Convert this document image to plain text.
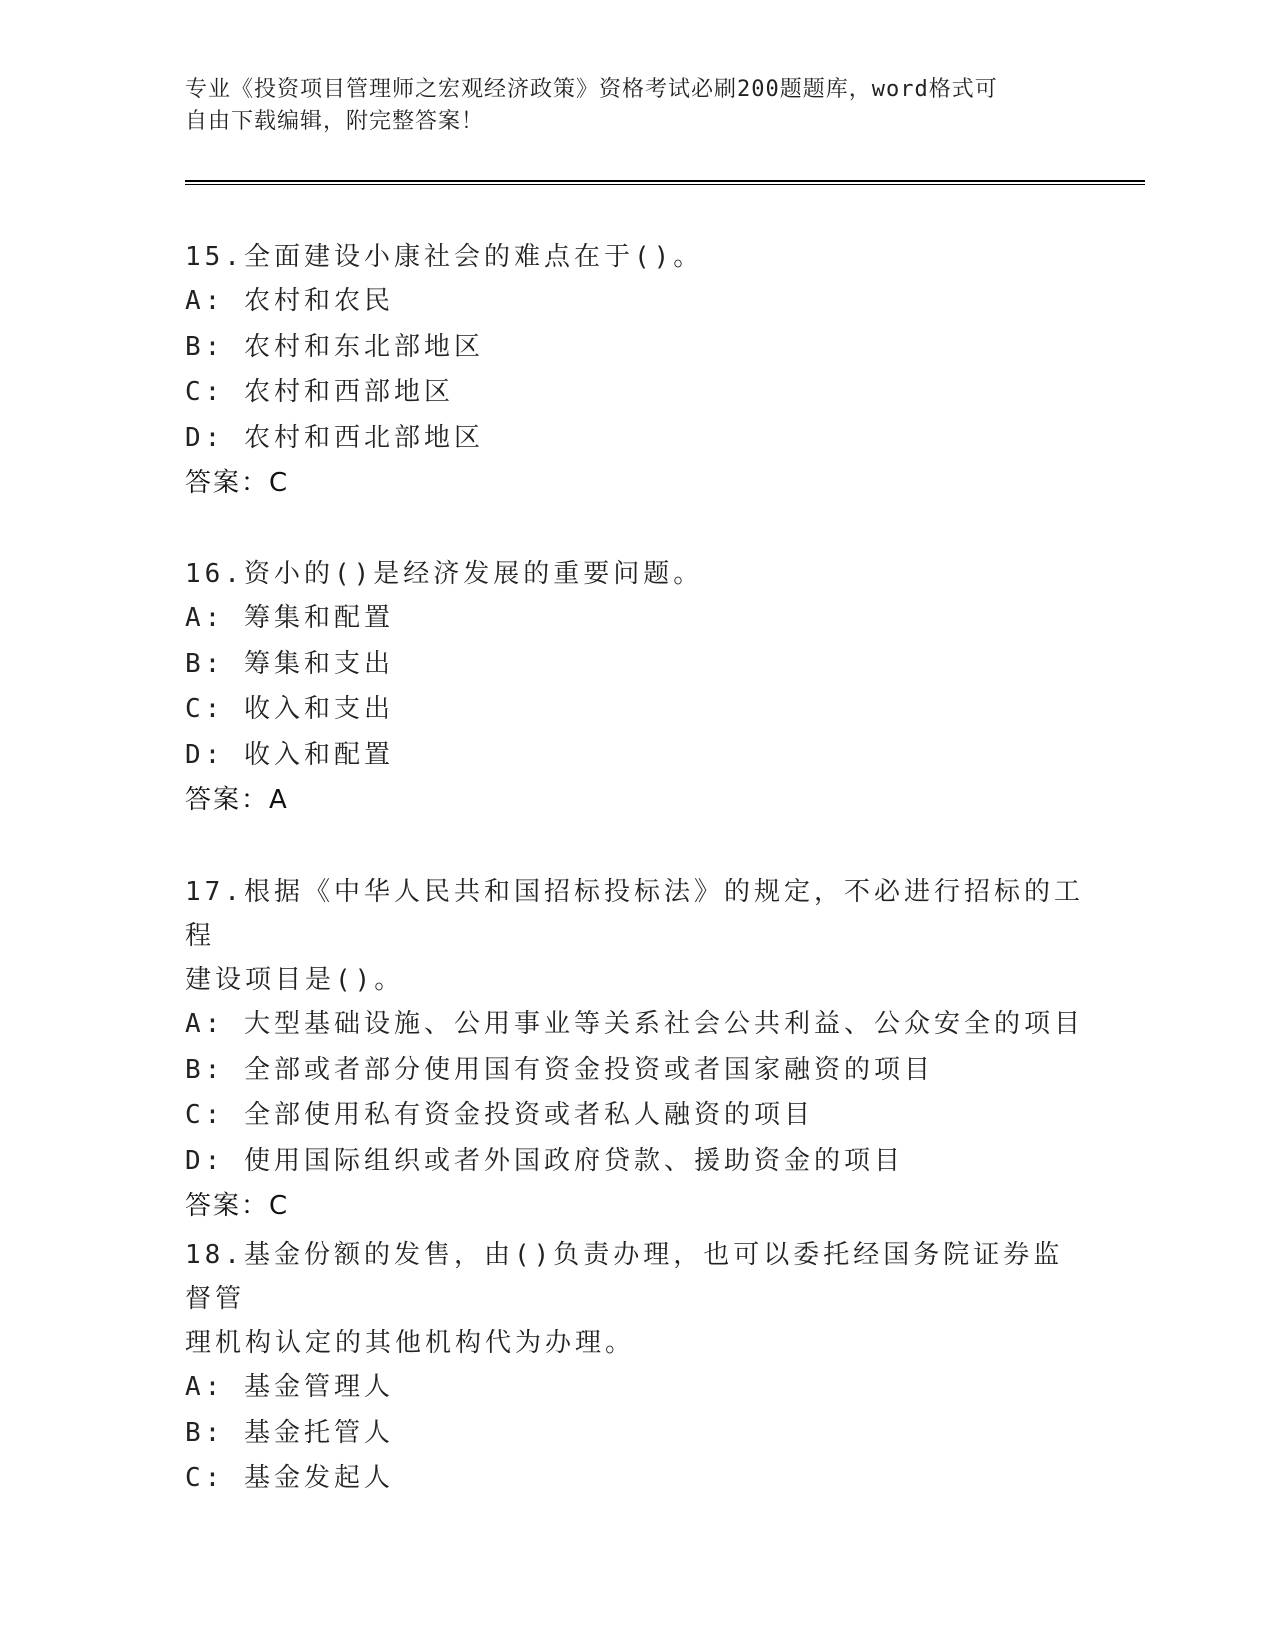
专业《投资项目管理师之宏观经济政策》资格考试必刷200题题库，word格式可
自由下载编辑，附完整答案！
15.全面建设小康社会的难点在于()。
A: 农村和农民
B: 农村和东北部地区
C: 农村和西部地区
D: 农村和西北部地区
答案：C
16.资小的()是经济发展的重要问题。
A: 筹集和配置
B: 筹集和支出
C: 收入和支出
D: 收入和配置
答案：A
17.根据《中华人民共和国招标投标法》的规定，不必进行招标的工程
建设项目是()。
A: 大型基础设施、公用事业等关系社会公共利益、公众安全的项目
B: 全部或者部分使用国有资金投资或者国家融资的项目
C: 全部使用私有资金投资或者私人融资的项目
D: 使用国际组织或者外国政府贷款、援助资金的项目
答案：C
18.基金份额的发售，由()负责办理，也可以委托经国务院证券监督管
理机构认定的其他机构代为办理。
A: 基金管理人
B: 基金托管人
C: 基金发起人
